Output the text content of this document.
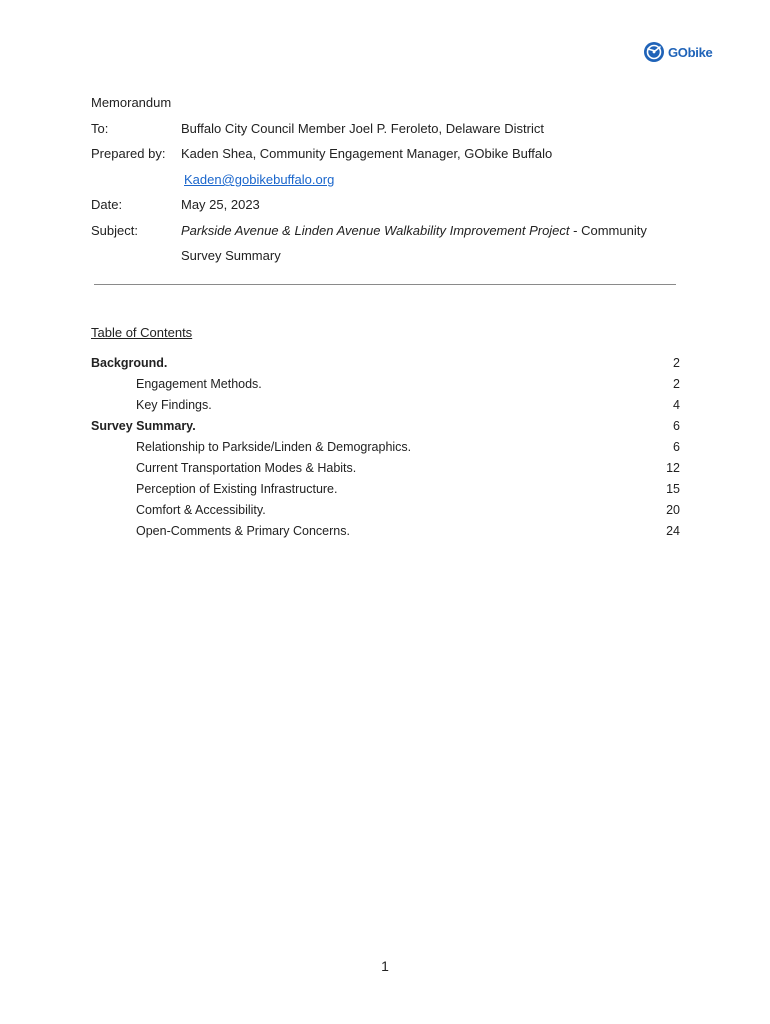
GObike
Memorandum
To:	Buffalo City Council Member Joel P. Feroleto, Delaware District
Prepared by:	Kaden Shea, Community Engagement Manager, GObike Buffalo
Kaden@gobikebuffalo.org
Date:	May 25, 2023
Subject:	Parkside Avenue & Linden Avenue Walkability Improvement Project - Community
Survey Summary
Table of Contents
Background.	2
Engagement Methods.	2
Key Findings.	4
Survey Summary.	6
Relationship to Parkside/Linden & Demographics.	6
Current Transportation Modes & Habits.	12
Perception of Existing Infrastructure.	15
Comfort & Accessibility.	20
Open-Comments & Primary Concerns.	24
1
